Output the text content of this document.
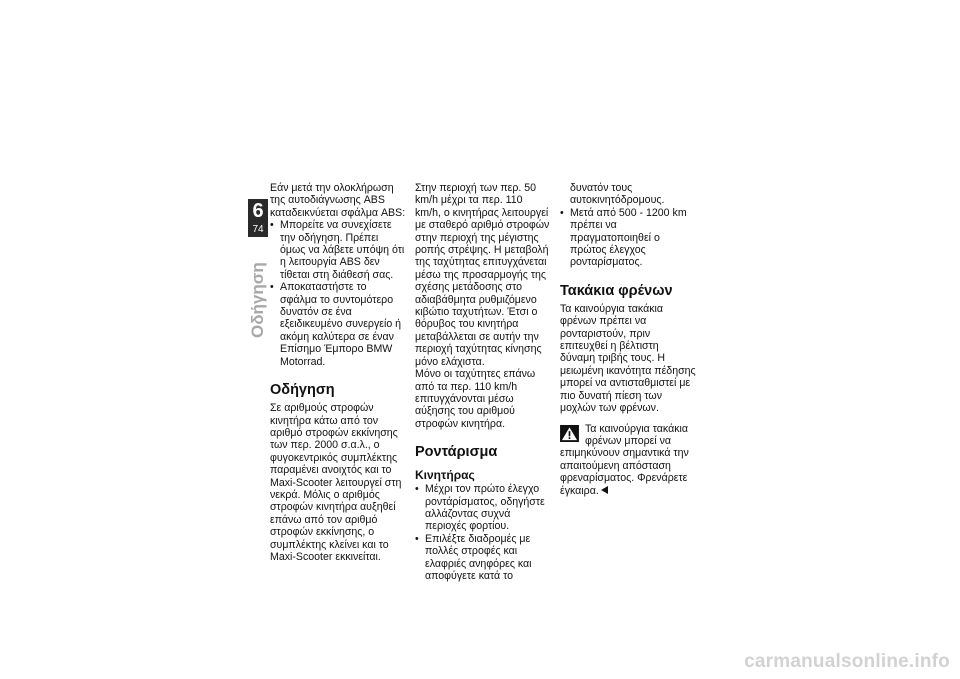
6
74
Οδήγηση

Εάν μετά την ολοκλήρωση της αυτοδιάγνωσης ABS καταδεικνύεται σφάλμα ABS:

• Μπορείτε να συνεχίσετε την οδήγηση. Πρέπει όμως να λάβετε υπόψη ότι η λειτουργία ABS δεν τίθεται στη διάθεσή σας.
• Αποκαταστήστε το σφάλμα το συντομότερο δυνατόν σε ένα εξειδικευμένο συνεργείο ή ακόμη καλύτερα σε έναν Επίσημο Έμπορο BMW Motorrad.
Οδήγηση

Σε αριθμούς στροφών κινητήρα κάτω από τον αριθμό στροφών εκκίνησης των περ. 2000 σ.α.λ., ο φυγοκεντρικός συμπλέκτης παραμένει ανοιχτός και το Maxi-Scooter λειτουργεί στη νεκρά. Μόλις ο αριθμός στροφών κινητήρα αυξηθεί επάνω από τον αριθμό στροφών εκκίνησης, ο συμπλέκτης κλείνει και το Maxi-Scooter εκκινείται.

Στην περιοχή των περ. 50 km/h μέχρι τα περ. 110 km/h, ο κινητήρας λειτουργεί με σταθερό αριθμό στροφών στην περιοχή της μέγιστης ροπής στρέψης. Η μεταβολή της ταχύτητας επιτυγχάνεται μέσω της προσαρμογής της σχέσης μετάδοσης στο αδιαβάθμητα ρυθμιζόμενο κιβώτιο ταχυτήτων. Έτσι ο θόρυβος του κινητήρα μεταβάλλεται σε αυτήν την περιοχή ταχύτητας κίνησης μόνο ελάχιστα.

Μόνο οι ταχύτητες επάνω από τα περ. 110 km/h επιτυγχάνονται μέσω αύξησης του αριθμού στροφών κινητήρα.

Ροντάρισμα
Κινητήρας
• Μέχρι τον πρώτο έλεγχο ροντάρίσματος, οδηγήστε αλλάζοντας συχνά περιοχές φορτίου.
• Επιλέξτε διαδρομές με πολλές στροφές και ελαφριές ανηφόρες και αποφύγετε κατά το
δυνατόν τους αυτοκινητόδρομους.
• Μετά από 500 - 1200 km πρέπει να πραγματοποιηθεί ο πρώτος έλεγχος ρονταρίσματος.
Τακάκια φρένων

Τα καινούργια τακάκια φρένων πρέπει να ρονταριστούν, πριν επιτευχθεί η βέλτιστη δύναμη τριβής τους. Η μειωμένη ικανότητα πέδησης μπορεί να αντισταθμιστεί με πιο δυνατή πίεση των μοχλών των φρένων.

Τα καινούργια τακάκια φρένων μπορεί να επιμηκύνουν σημαντικά την απαιτούμενη απόσταση φρεναρίσματος. Φρενάρετε έγκαιρα.
carmanualsonline.info
